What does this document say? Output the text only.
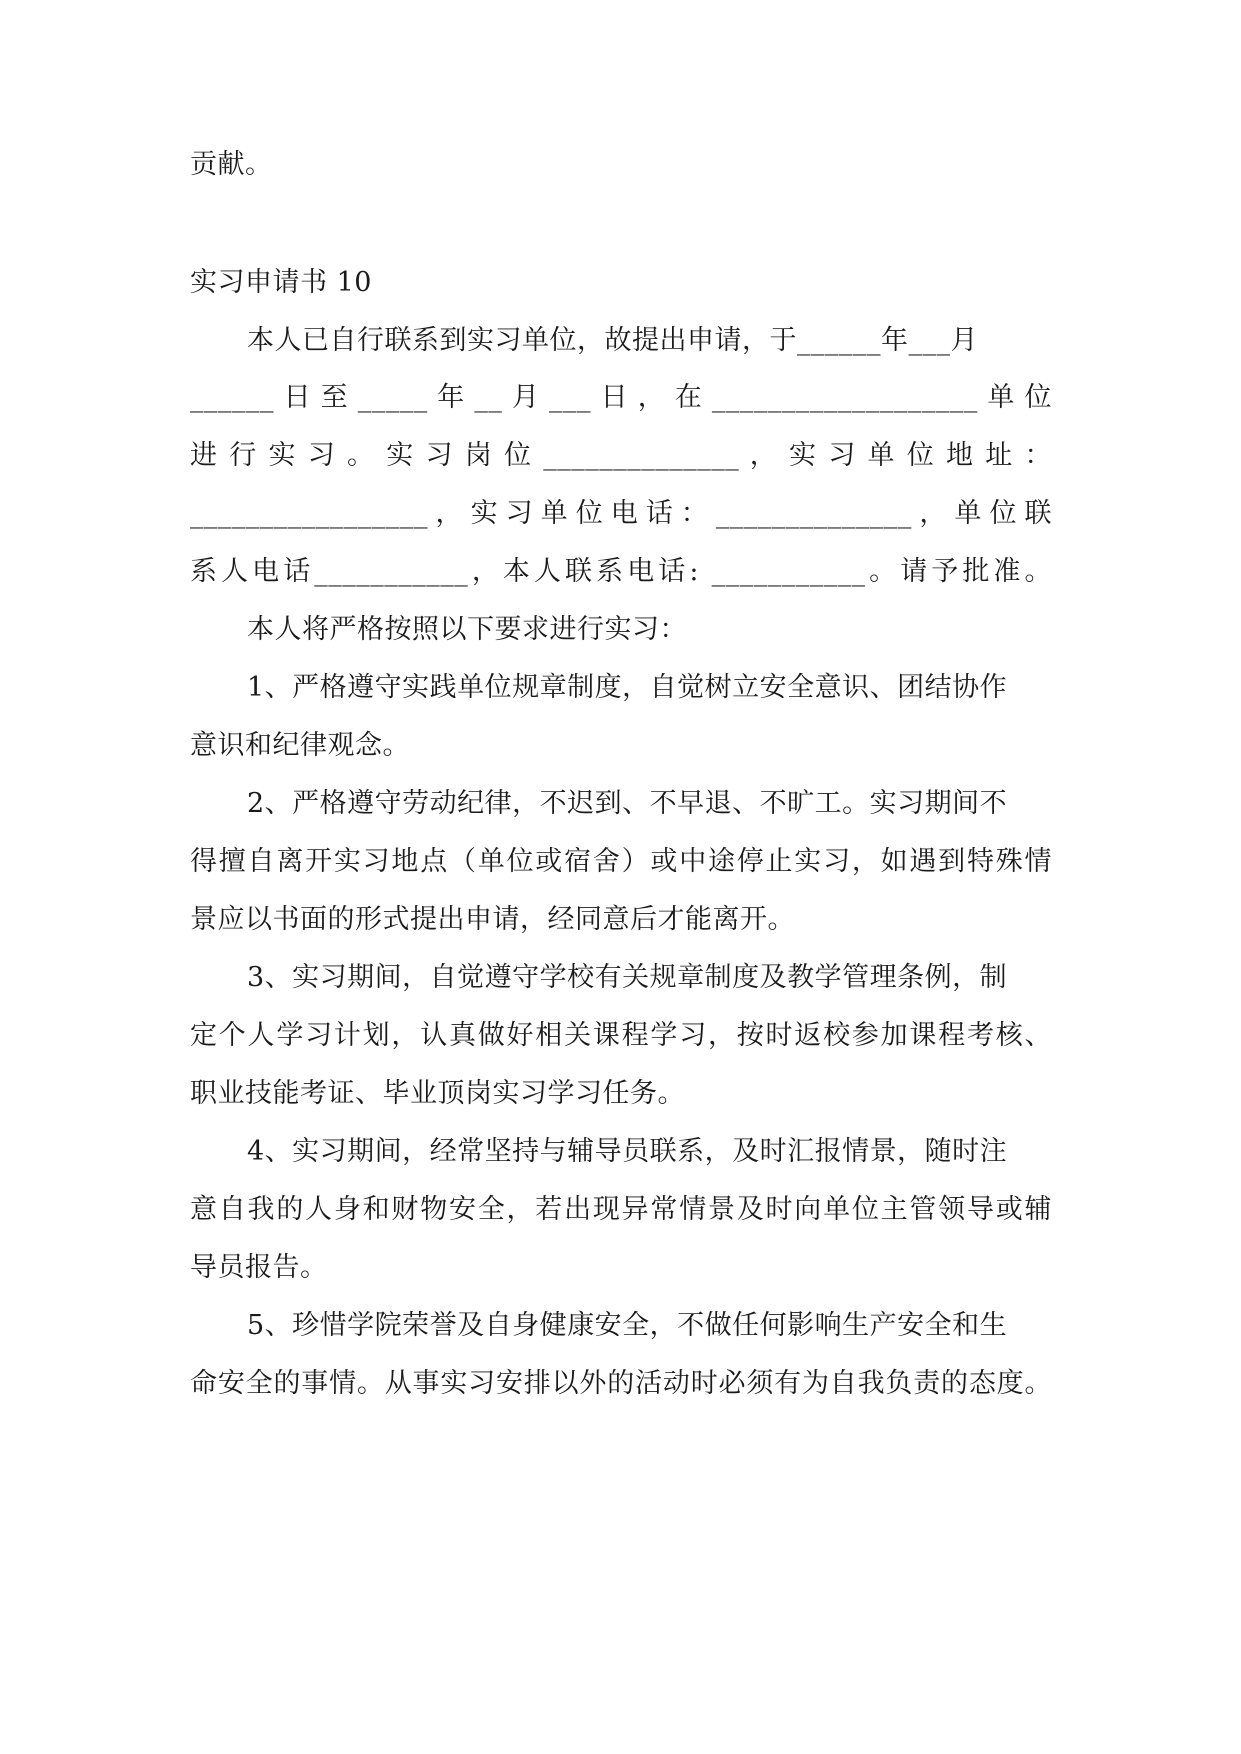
贡献。

实习申请书 10

本人已自行联系到实习单位，故提出申请，于______年___月

______日至_____年__月___日，在___________________单位

进 行 实 习 。 实 习 岗 位 ______________ ， 实 习 单 位 地 址 ：

_________________，实习单位电话：______________，单位联

系人电话___________，本人联系电话: ___________。请予批准。

本人将严格按照以下要求进行实习：

1、严格遵守实践单位规章制度，自觉树立安全意识、团结协作

意识和纪律观念。

2、严格遵守劳动纪律，不迟到、不早退、不旷工。实习期间不

得擅自离开实习地点（单位或宿舍）或中途停止实习，如遇到特殊情

景应以书面的形式提出申请，经同意后才能离开。

3、实习期间，自觉遵守学校有关规章制度及教学管理条例，制

定个人学习计划，认真做好相关课程学习，按时返校参加课程考核、

职业技能考证、毕业顶岗实习学习任务。

4、实习期间，经常坚持与辅导员联系，及时汇报情景，随时注

意自我的人身和财物安全，若出现异常情景及时向单位主管领导或辅

导员报告。

5、珍惜学院荣誉及自身健康安全，不做任何影响生产安全和生

命安全的事情。从事实习安排以外的活动时必须有为自我负责的态度。
